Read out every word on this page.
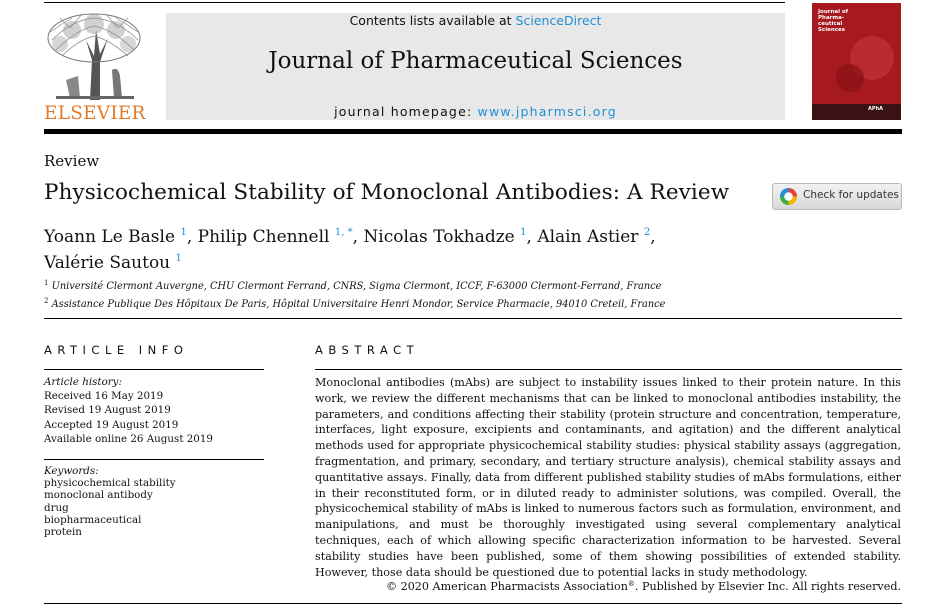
ELSEVIER
Contents lists available at ScienceDirect
Journal of Pharmaceutical Sciences
journal homepage: www.jpharmsci.org
Journal of
Pharma-
ceutical
Sciences
APhA
Review
Physicochemical Stability of Monoclonal Antibodies: A Review	Check for updates
Yoann Le Basle $^1$, Philip Chennell $^{1, *}$, Nicolas Tokhadze $^1$, Alain Astier $^2$,
Valérie Sautou $^1$
$^1$ Université Clermont Auvergne, CHU Clermont Ferrand, CNRS, Sigma Clermont, ICCF, F-63000 Clermont-Ferrand, France
$^2$ Assistance Publique Des Hôpitaux De Paris, Hôpital Universitaire Henri Mondor, Service Pharmacie, 94010 Creteil, France
ARTICLE INFO	ABSTRACT
Article history:
Received 16 May 2019
Revised 19 August 2019
Accepted 19 August 2019
Available online 26 August 2019
Keywords:
physicochemical stability
monoclonal antibody
drug
biopharmaceutical
protein
Monoclonal antibodies (mAbs) are subject to instability issues linked to their protein nature. In this work, we review the different mechanisms that can be linked to monoclonal antibodies instability, the parameters, and conditions affecting their stability (protein structure and concentration, temperature, interfaces, light exposure, excipients and contaminants, and agitation) and the different analytical methods used for appropriate physicochemical stability studies: physical stability assays (aggregation, fragmentation, and primary, secondary, and tertiary structure analysis), chemical stability assays and quantitative assays. Finally, data from different published stability studies of mAbs formulations, either in their reconstituted form, or in diluted ready to administer solutions, was compiled. Overall, the physicochemical stability of mAbs is linked to numerous factors such as formulation, environment, and manipulations, and must be thoroughly investigated using several complementary analytical techniques, each of which allowing specific characterization information to be harvested. Several stability studies have been published, some of them showing possibilities of extended stability. However, those data should be questioned due to potential lacks in study methodology.
© 2020 American Pharmacists Association®. Published by Elsevier Inc. All rights reserved.
